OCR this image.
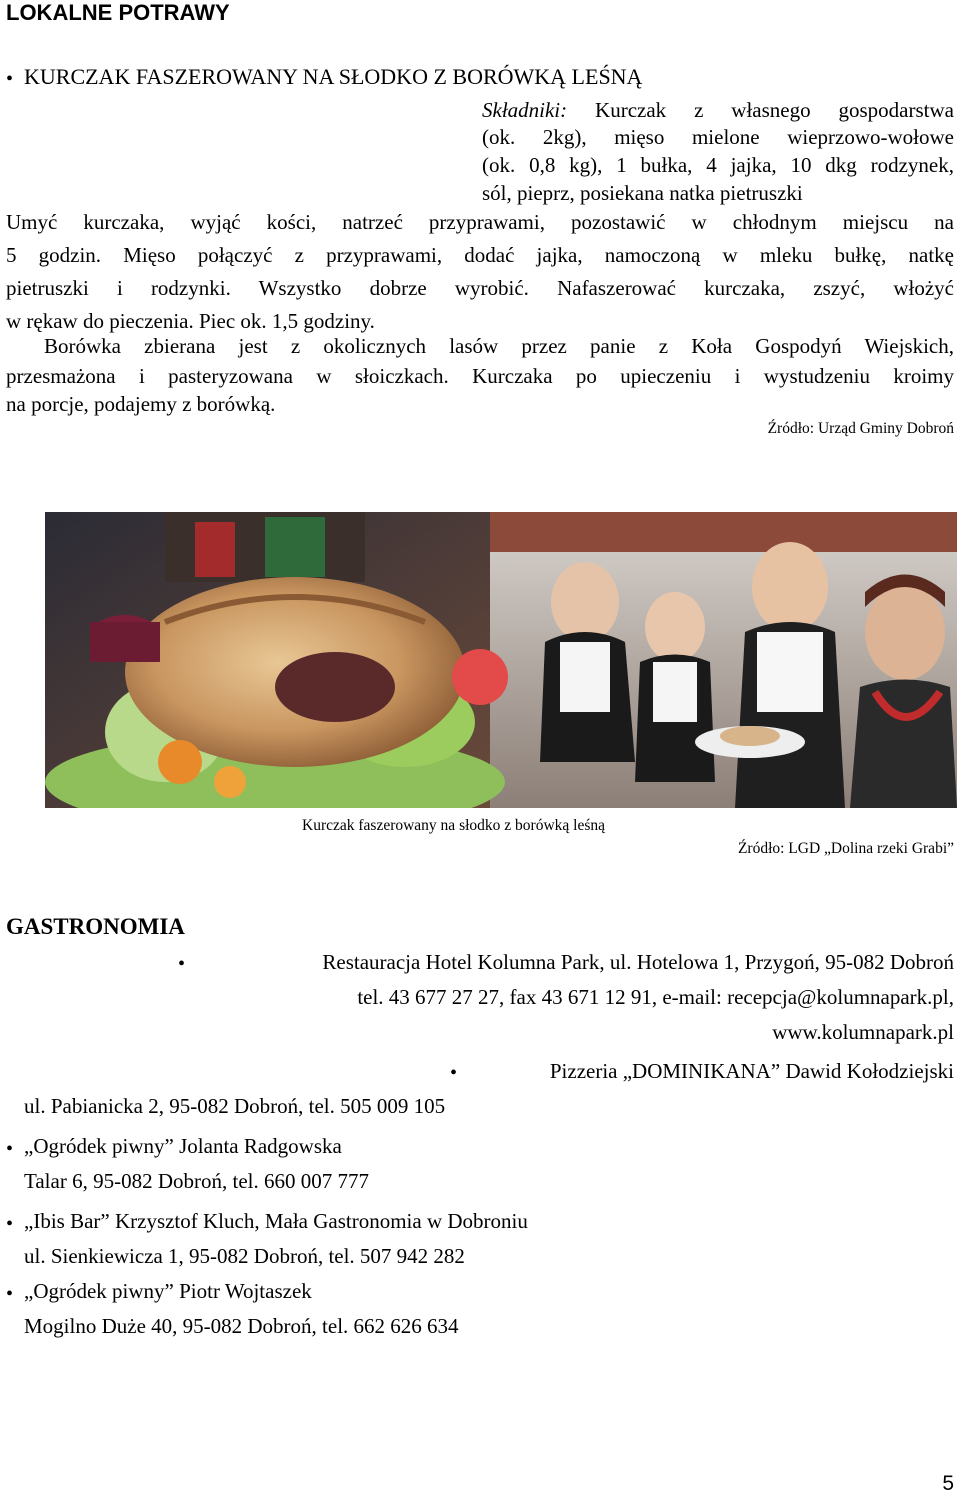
LOKALNE POTRAWY
• KURCZAK FASZEROWANY NA SŁODKO Z BORÓWKĄ LEŚNĄ
Składniki: Kurczak z własnego gospodarstwa
(ok. 2kg), mięso mielone wieprzowo-wołowe
(ok. 0,8 kg), 1 bułka, 4 jajka, 10 dkg rodzynek,
sól, pieprz, posiekana natka pietruszki
Umyć kurczaka, wyjąć kości, natrzeć przyprawami, pozostawić w chłodnym miejscu na
5 godzin. Mięso połączyć z przyprawami, dodać jajka, namoczoną w mleku bułkę, natkę
pietruszki i rodzynki. Wszystko dobrze wyrobić. Nafaszerować kurczaka, zszyć, włożyć
w rękaw do pieczenia. Piec ok. 1,5 godziny.
Borówka zbierana jest z okolicznych lasów przez panie z Koła Gospodyń Wiejskich,
przesmażona i pasteryzowana w słoiczkach. Kurczaka po upieczeniu i wystudzeniu kroimy
na porcje, podajemy z borówką.
Źródło: Urząd Gminy Dobroń
Kurczak faszerowany na słodko z borówką leśną
Źródło: LGD „Dolina rzeki Grabi”
GASTRONOMIA
•	Restauracja Hotel Kolumna Park, ul. Hotelowa 1, Przygoń, 95-082 Dobroń
tel. 43 677 27 27, fax 43 671 12 91, e-mail: recepcja@kolumnapark.pl,
www.kolumnapark.pl
•	Pizzeria „DOMINIKANA” Dawid Kołodziejski
ul. Pabianicka 2, 95-082 Dobroń, tel. 505 009 105
• „Ogródek piwny” Jolanta Radgowska
Talar 6, 95-082 Dobroń, tel. 660 007 777
• „Ibis Bar” Krzysztof Kluch, Mała Gastronomia w Dobroniu
ul. Sienkiewicza 1, 95-082 Dobroń, tel. 507 942 282
• „Ogródek piwny” Piotr Wojtaszek
Mogilno Duże 40, 95-082 Dobroń, tel. 662 626 634
5
